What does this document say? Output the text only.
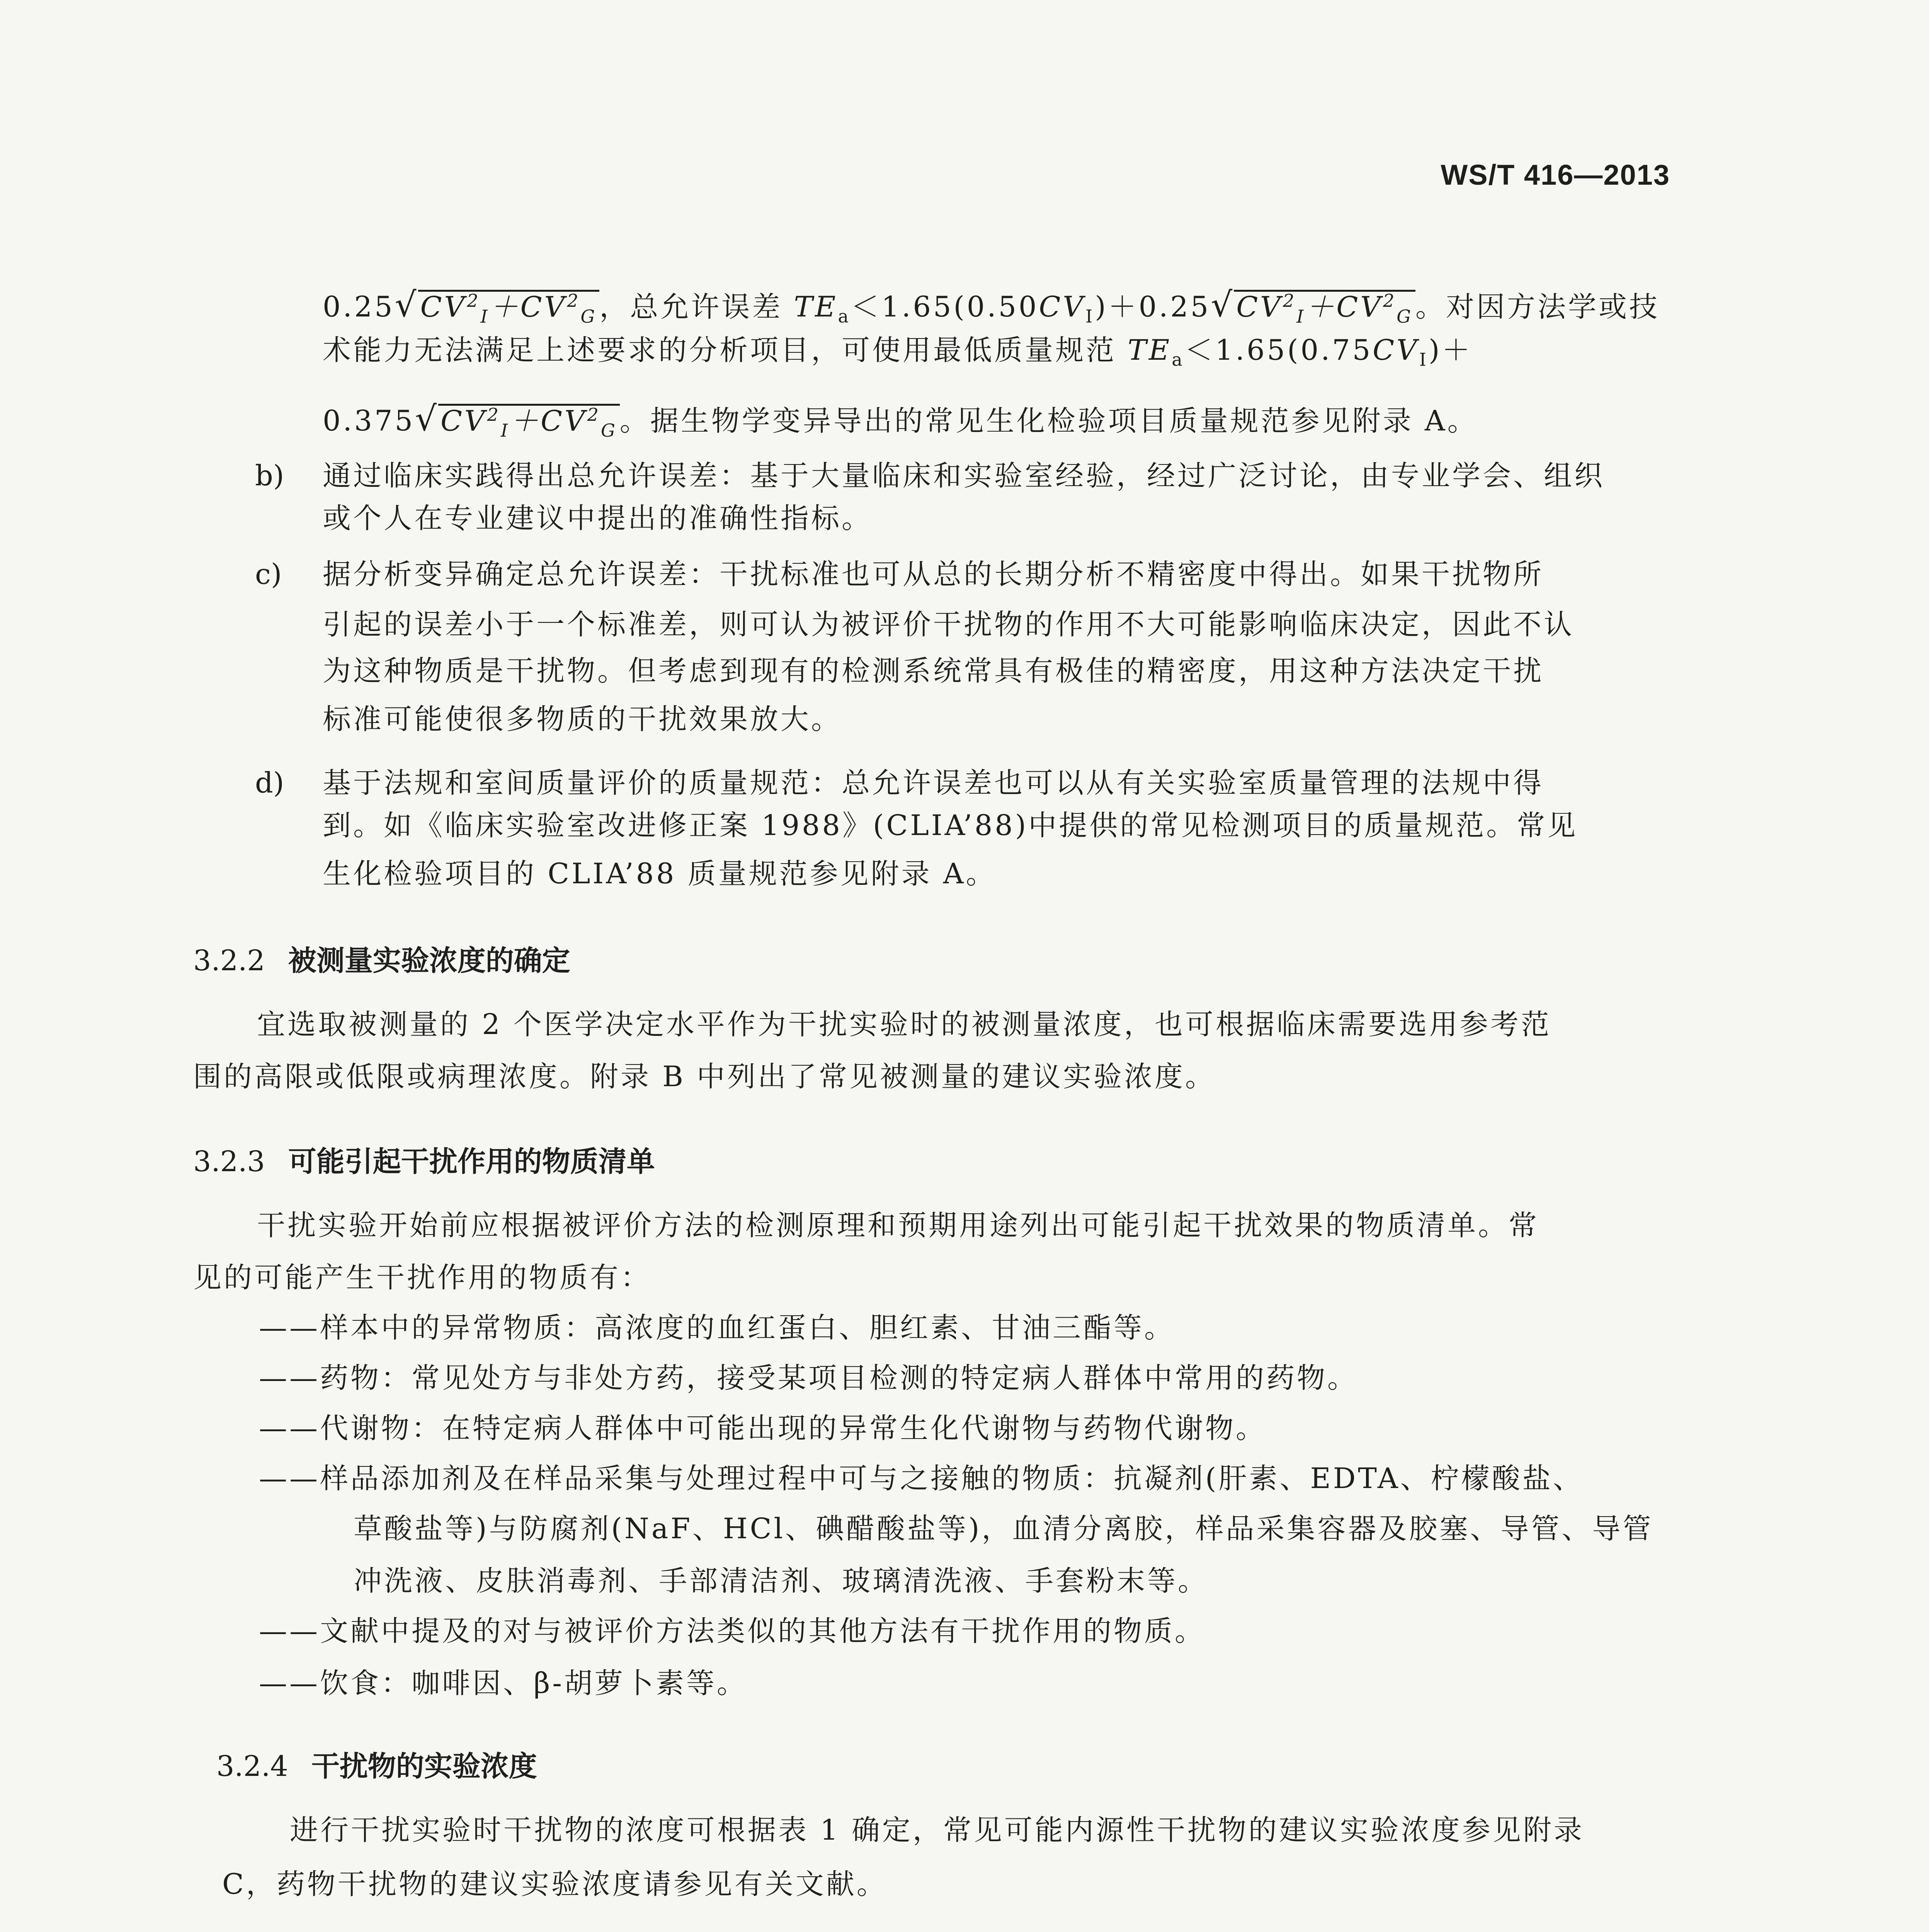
WS/T 416—2013
$0.25√CV^2_I+CV^2_G$，总允许误差 $TE_a<1.65(0.50CV_I)+0.25√CV^2_I+CV^2_G$。对因方法学或技
术能力无法满足上述要求的分析项目，可使用最低质量规范 $TE_a<1.65(0.75CV_I)+$
$0.375√CV^2_I+CV^2_G$。据生物学变异导出的常见生化检验项目质量规范参见附录 A。
b) 通过临床实践得出总允许误差：基于大量临床和实验室经验，经过广泛讨论，由专业学会、组织
或个人在专业建议中提出的准确性指标。
c) 据分析变异确定总允许误差：干扰标准也可从总的长期分析不精密度中得出。如果干扰物所
引起的误差小于一个标准差，则可认为被评价干扰物的作用不大可能影响临床决定，因此不认
为这种物质是干扰物。但考虑到现有的检测系统常具有极佳的精密度，用这种方法决定干扰
标准可能使很多物质的干扰效果放大。
d) 基于法规和室间质量评价的质量规范：总允许误差也可以从有关实验室质量管理的法规中得
到。如《临床实验室改进修正案 1988》(CLIA’88)中提供的常见检测项目的质量规范。常见
生化检验项目的 CLIA’88 质量规范参见附录 A。
3.2.2 被测量实验浓度的确定
宜选取被测量的 2 个医学决定水平作为干扰实验时的被测量浓度，也可根据临床需要选用参考范
围的高限或低限或病理浓度。附录 B 中列出了常见被测量的建议实验浓度。
3.2.3 可能引起干扰作用的物质清单
干扰实验开始前应根据被评价方法的检测原理和预期用途列出可能引起干扰效果的物质清单。常
见的可能产生干扰作用的物质有：
——样本中的异常物质：高浓度的血红蛋白、胆红素、甘油三酯等。
——药物：常见处方与非处方药，接受某项目检测的特定病人群体中常用的药物。
——代谢物：在特定病人群体中可能出现的异常生化代谢物与药物代谢物。
——样品添加剂及在样品采集与处理过程中可与之接触的物质：抗凝剂(肝素、EDTA、柠檬酸盐、
草酸盐等)与防腐剂(NaF、HCl、碘醋酸盐等)，血清分离胶，样品采集容器及胶塞、导管、导管
冲洗液、皮肤消毒剂、手部清洁剂、玻璃清洗液、手套粉末等。
——文献中提及的对与被评价方法类似的其他方法有干扰作用的物质。
——饮食：咖啡因、β-胡萝卜素等。
3.2.4 干扰物的实验浓度
进行干扰实验时干扰物的浓度可根据表 1 确定，常见可能内源性干扰物的建议实验浓度参见附录
C，药物干扰物的建议实验浓度请参见有关文献。
